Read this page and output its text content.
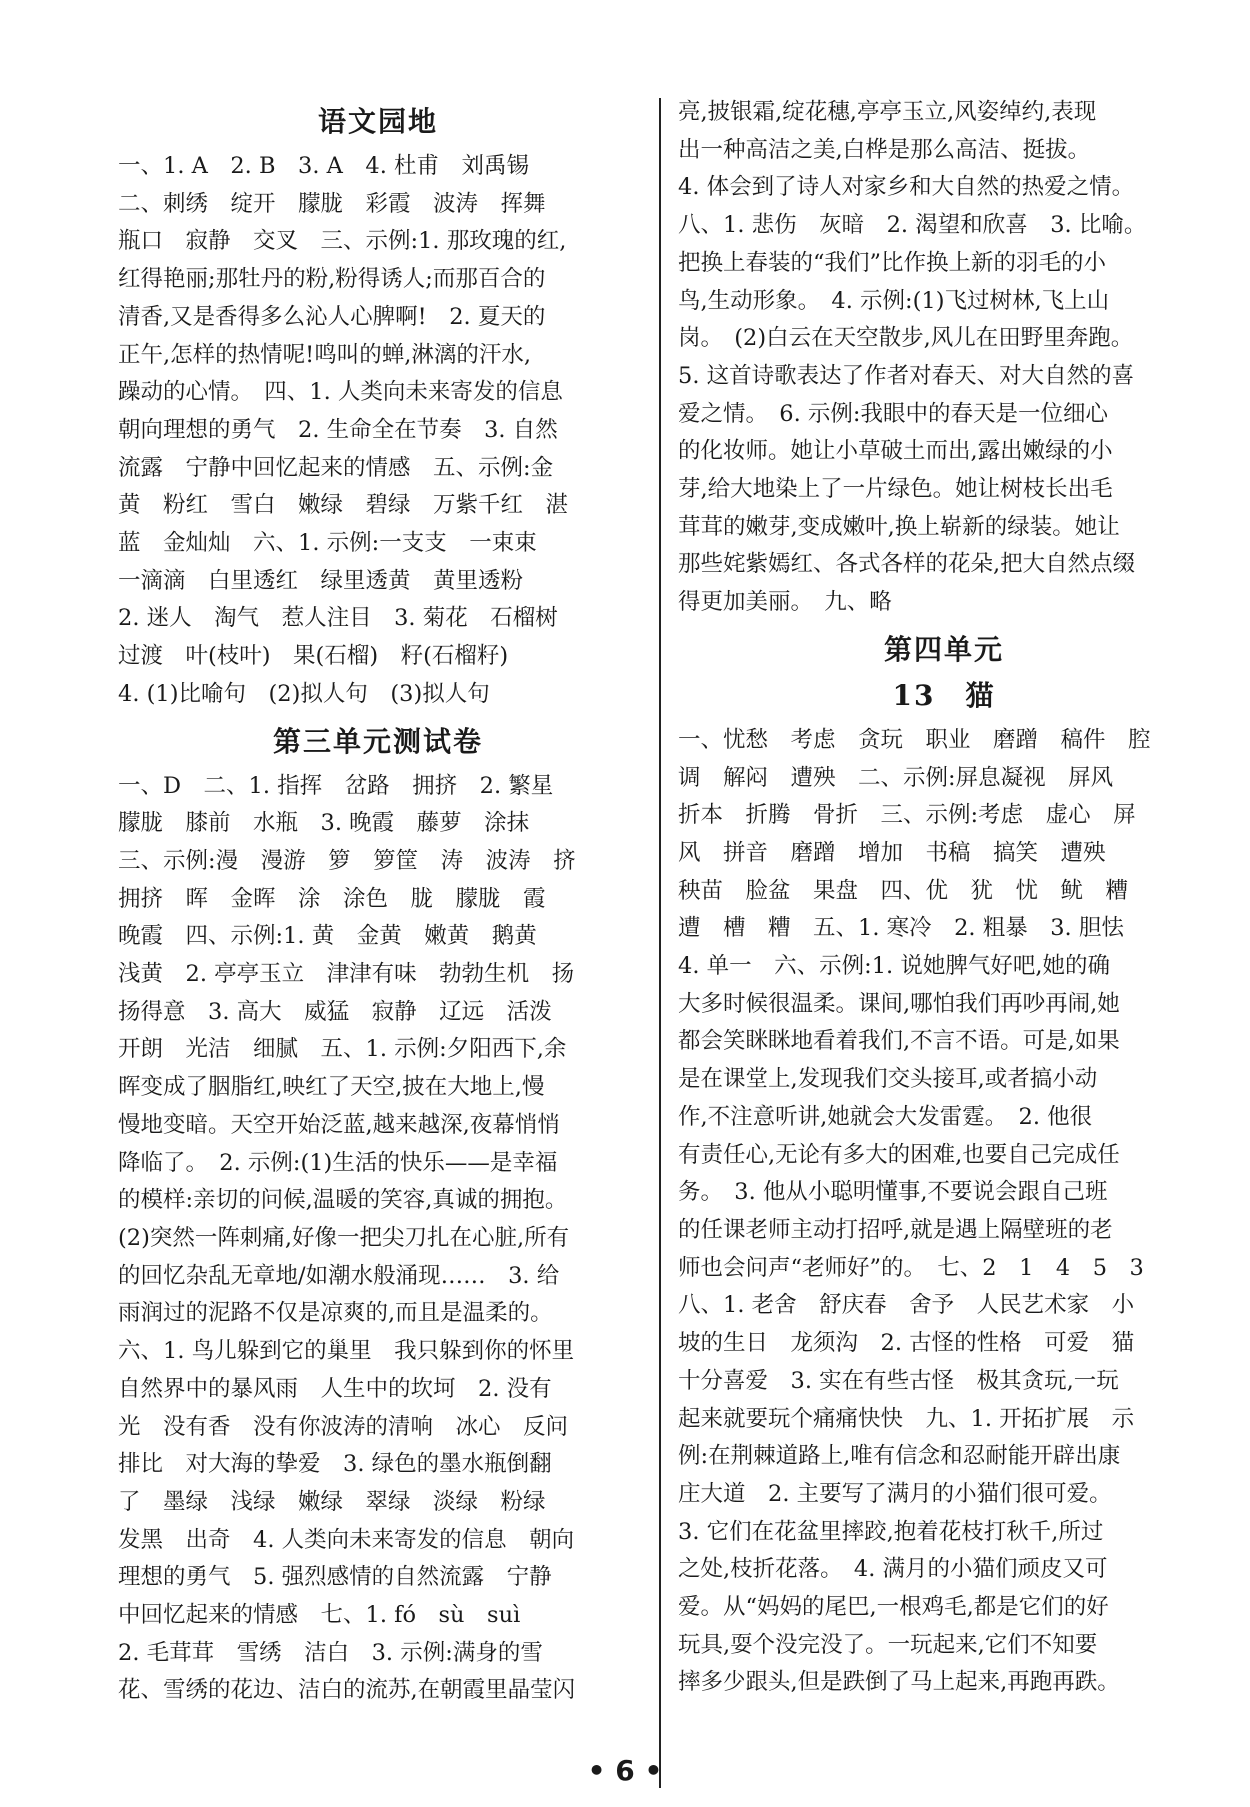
语文园地
一、1. A　2. B　3. A　4. 杜甫　刘禹锡
二、刺绣　绽开　朦胧　彩霞　波涛　挥舞
瓶口　寂静　交叉　三、示例:1. 那玫瑰的红,
红得艳丽;那牡丹的粉,粉得诱人;而那百合的
清香,又是香得多么沁人心脾啊!　2. 夏天的
正午,怎样的热情呢!鸣叫的蝉,淋漓的汗水,
躁动的心情。　四、1. 人类向未来寄发的信息
朝向理想的勇气　2. 生命全在节奏　3. 自然
流露　宁静中回忆起来的情感　五、示例:金
黄　粉红　雪白　嫩绿　碧绿　万紫千红　湛
蓝　金灿灿　六、1. 示例:一支支　一束束
一滴滴　白里透红　绿里透黄　黄里透粉
2. 迷人　淘气　惹人注目　3. 菊花　石榴树
过渡　叶(枝叶)　果(石榴)　籽(石榴籽)
4. (1)比喻句　(2)拟人句　(3)拟人句
第三单元测试卷
一、D　二、1. 指挥　岔路　拥挤　2. 繁星
朦胧　膝前　水瓶　3. 晚霞　藤萝　涂抹
三、示例:漫　漫游　箩　箩筐　涛　波涛　挤
拥挤　晖　金晖　涂　涂色　胧　朦胧　霞
晚霞　四、示例:1. 黄　金黄　嫩黄　鹅黄
浅黄　2. 亭亭玉立　津津有味　勃勃生机　扬
扬得意　3. 高大　威猛　寂静　辽远　活泼
开朗　光洁　细腻　五、1. 示例:夕阳西下,余
晖变成了胭脂红,映红了天空,披在大地上,慢
慢地变暗。天空开始泛蓝,越来越深,夜幕悄悄
降临了。　2. 示例:(1)生活的快乐——是幸福
的模样:亲切的问候,温暖的笑容,真诚的拥抱。
(2)突然一阵刺痛,好像一把尖刀扎在心脏,所有
的回忆杂乱无章地/如潮水般涌现……　3. 给
雨润过的泥路不仅是凉爽的,而且是温柔的。
六、1. 鸟儿躲到它的巢里　我只躲到你的怀里
自然界中的暴风雨　人生中的坎坷　2. 没有
光　没有香　没有你波涛的清响　冰心　反问
排比　对大海的挚爱　3. 绿色的墨水瓶倒翻
了　墨绿　浅绿　嫩绿　翠绿　淡绿　粉绿
发黑　出奇　4. 人类向未来寄发的信息　朝向
理想的勇气　5. 强烈感情的自然流露　宁静
中回忆起来的情感　七、1. fó　sù　suì
2. 毛茸茸　雪绣　洁白　3. 示例:满身的雪
花、雪绣的花边、洁白的流苏,在朝霞里晶莹闪
亮,披银霜,绽花穗,亭亭玉立,风姿绰约,表现
出一种高洁之美,白桦是那么高洁、挺拔。
4. 体会到了诗人对家乡和大自然的热爱之情。
八、1. 悲伤　灰暗　2. 渴望和欣喜　3. 比喻。
把换上春装的“我们”比作换上新的羽毛的小
鸟,生动形象。　4. 示例:(1)飞过树林,飞上山
岗。　(2)白云在天空散步,风儿在田野里奔跑。
5. 这首诗歌表达了作者对春天、对大自然的喜
爱之情。　6. 示例:我眼中的春天是一位细心
的化妆师。她让小草破土而出,露出嫩绿的小
芽,给大地染上了一片绿色。她让树枝长出毛
茸茸的嫩芽,变成嫩叶,换上崭新的绿装。她让
那些姹紫嫣红、各式各样的花朵,把大自然点缀
得更加美丽。　九、略
第四单元
13　猫
一、忧愁　考虑　贪玩　职业　磨蹭　稿件　腔
调　解闷　遭殃　二、示例:屏息凝视　屏风
折本　折腾　骨折　三、示例:考虑　虚心　屏
风　拼音　磨蹭　增加　书稿　搞笑　遭殃
秧苗　脸盆　果盘　四、优　犹　忧　鱿　糟
遭　槽　糟　五、1. 寒冷　2. 粗暴　3. 胆怯
4. 单一　六、示例:1. 说她脾气好吧,她的确
大多时候很温柔。课间,哪怕我们再吵再闹,她
都会笑眯眯地看着我们,不言不语。可是,如果
是在课堂上,发现我们交头接耳,或者搞小动
作,不注意听讲,她就会大发雷霆。　2. 他很
有责任心,无论有多大的困难,也要自己完成任
务。　3. 他从小聪明懂事,不要说会跟自己班
的任课老师主动打招呼,就是遇上隔壁班的老
师也会问声“老师好”的。　七、2　1　4　5　3
八、1. 老舍　舒庆春　舍予　人民艺术家　小
坡的生日　龙须沟　2. 古怪的性格　可爱　猫
十分喜爱　3. 实在有些古怪　极其贪玩,一玩
起来就要玩个痛痛快快　九、1. 开拓扩展　示
例:在荆棘道路上,唯有信念和忍耐能开辟出康
庄大道　2. 主要写了满月的小猫们很可爱。
3. 它们在花盆里摔跤,抱着花枝打秋千,所过
之处,枝折花落。　4. 满月的小猫们顽皮又可
爱。从“妈妈的尾巴,一根鸡毛,都是它们的好
玩具,耍个没完没了。一玩起来,它们不知要
摔多少跟头,但是跌倒了马上起来,再跑再跌。
• 6 •
